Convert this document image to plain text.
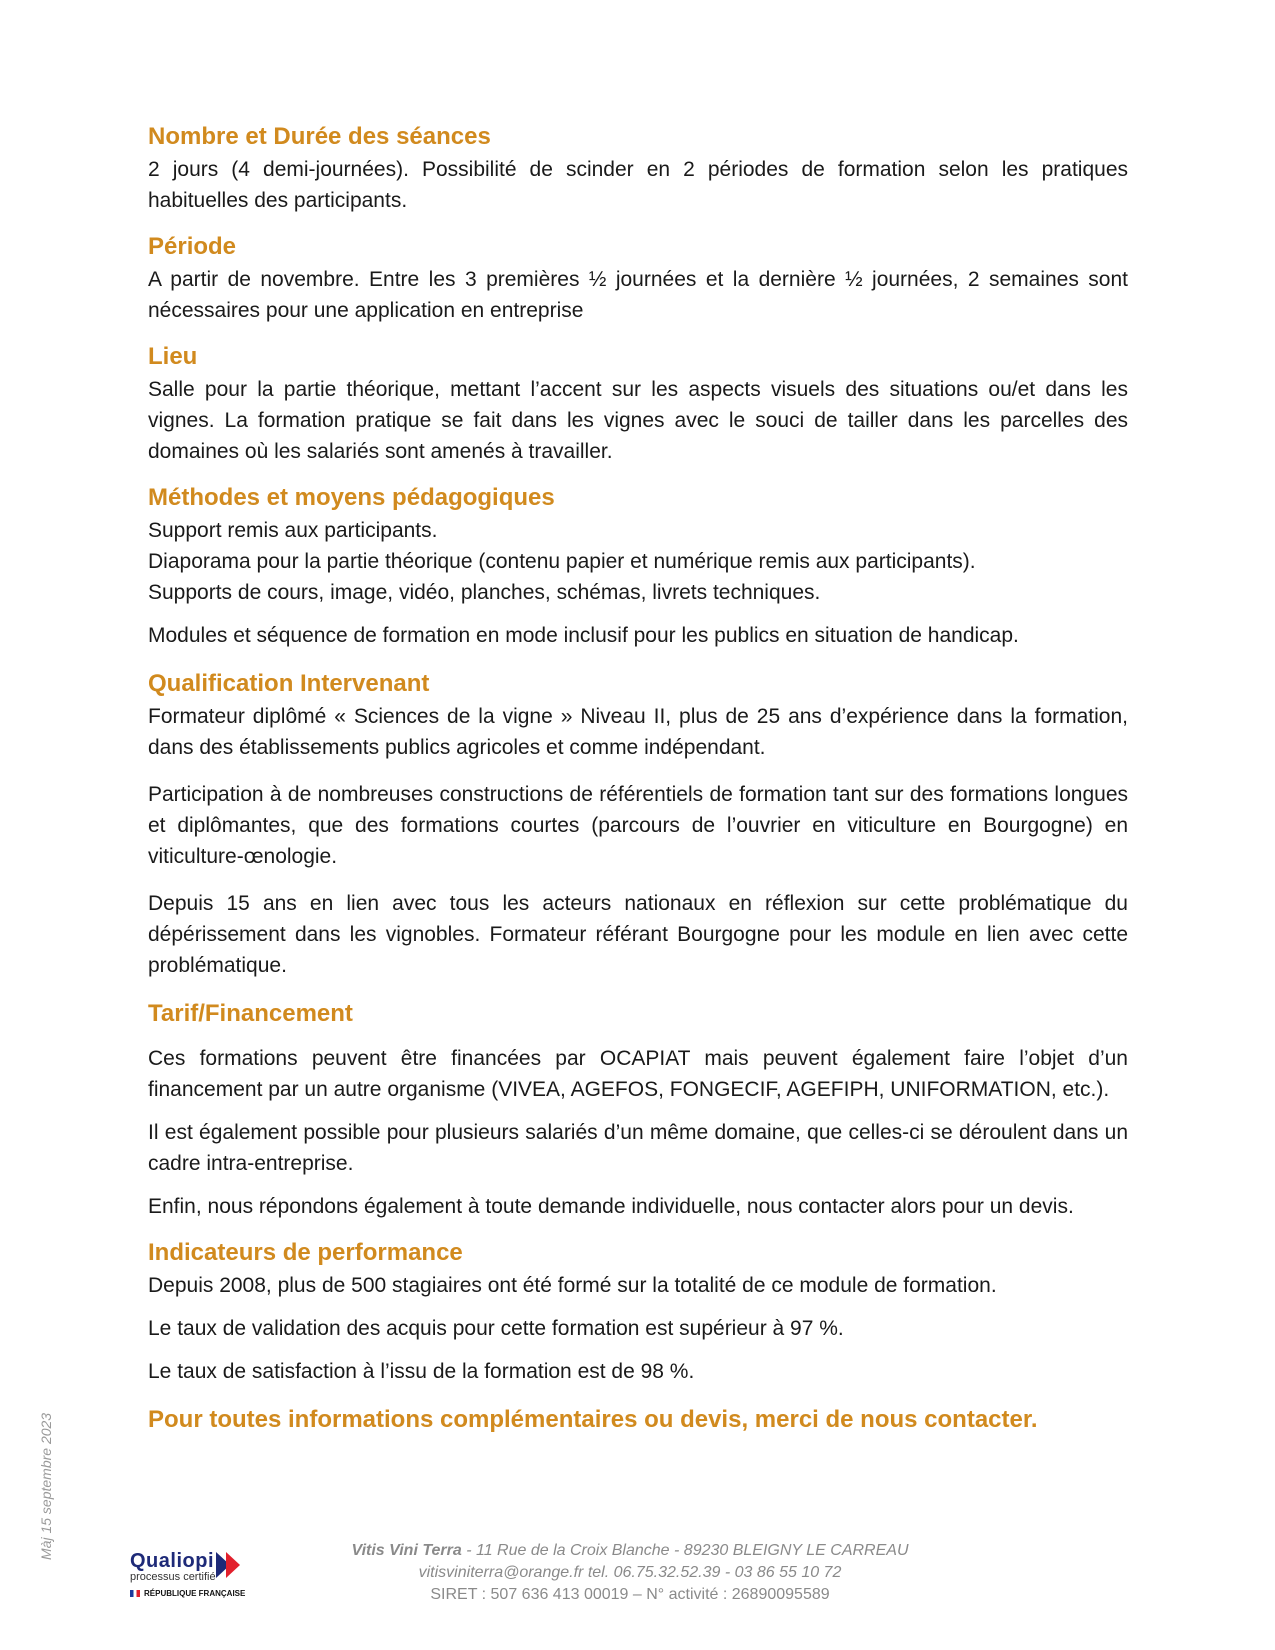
Nombre et Durée des séances

2 jours (4 demi-journées). Possibilité de scinder en 2 périodes de formation selon les pratiques habituelles des participants.

Période

A partir de novembre. Entre les 3 premières ½ journées et la dernière ½ journées, 2 semaines sont nécessaires pour une application en entreprise

Lieu

Salle pour la partie théorique, mettant l’accent sur les aspects visuels des situations ou/et dans les vignes. La formation pratique se fait dans les vignes avec le souci de tailler dans les parcelles des domaines où les salariés sont amenés à travailler.

Méthodes et moyens pédagogiques

Support remis aux participants.

Diaporama pour la partie théorique (contenu papier et numérique remis aux participants).

Supports de cours, image, vidéo, planches, schémas, livrets techniques.

Modules et séquence de formation en mode inclusif pour les publics en situation de handicap.

Qualification Intervenant

Formateur diplômé « Sciences de la vigne » Niveau II, plus de 25 ans d’expérience dans la formation, dans des établissements publics agricoles et comme indépendant.

Participation à de nombreuses constructions de référentiels de formation tant sur des formations longues et diplômantes, que des formations courtes (parcours de l’ouvrier en viticulture en Bourgogne) en viticulture-œnologie.

Depuis 15 ans en lien avec tous les acteurs nationaux en réflexion sur cette problématique du dépérissement dans les vignobles. Formateur référant Bourgogne pour les module en lien avec cette problématique.

Tarif/Financement

Ces formations peuvent être financées par OCAPIAT mais peuvent également faire l’objet d’un financement par un autre organisme (VIVEA, AGEFOS, FONGECIF, AGEFIPH, UNIFORMATION, etc.).

Il est également possible pour plusieurs salariés d’un même domaine, que celles-ci se déroulent dans un cadre intra-entreprise.

Enfin, nous répondons également à toute demande individuelle, nous contacter alors pour un devis.

Indicateurs de performance

Depuis 2008, plus de 500 stagiaires ont été formé sur la totalité de ce module de formation.

Le taux de validation des acquis pour cette formation est supérieur à 97 %.

Le taux de satisfaction à l’issu de la formation est de 98 %.

Pour toutes informations complémentaires ou devis, merci de nous contacter.
Màj 15 septembre 2023
Qualiopi
processus certifié
RÉPUBLIQUE FRANÇAISE
Vitis Vini Terra - 11 Rue de la Croix Blanche - 89230 BLEIGNY LE CARREAU
vitisviniterra@orange.fr tel. 06.75.32.52.39 - 03 86 55 10 72
SIRET : 507 636 413 00019 – N° activité : 26890095589
